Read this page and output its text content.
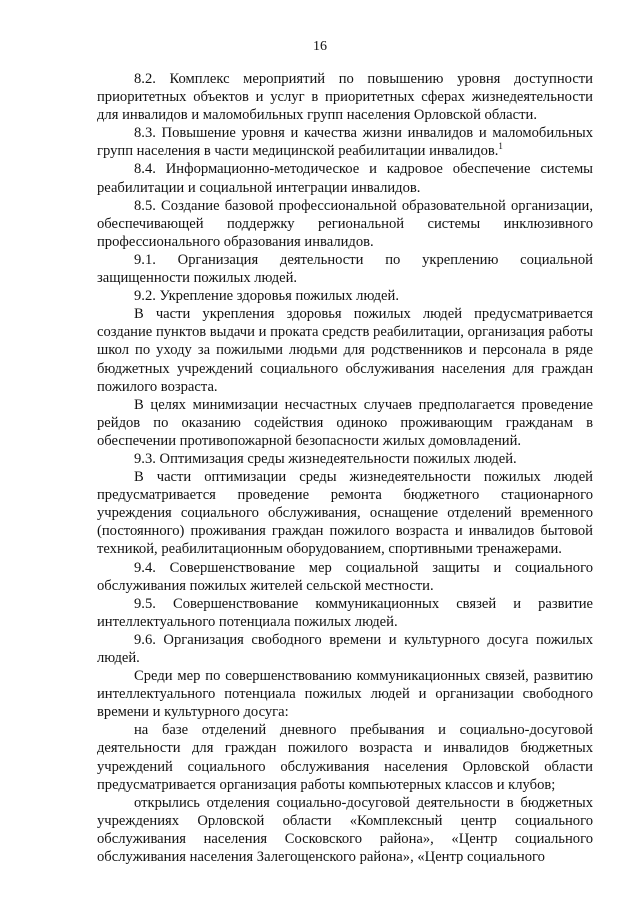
16

8.2. Комплекс мероприятий по повышению уровня доступности приоритетных объектов и услуг в приоритетных сферах жизнедеятельности для инвалидов и маломобильных групп населения Орловской области.

8.3. Повышение уровня и качества жизни инвалидов и маломобильных групп населения в части медицинской реабилитации инвалидов.$^1$

8.4. Информационно-методическое и кадровое обеспечение системы реабилитации и социальной интеграции инвалидов.

8.5. Создание базовой профессиональной образовательной организации, обеспечивающей поддержку региональной системы инклюзивного профессионального образования инвалидов.

9.1. Организация деятельности по укреплению социальной защищенности пожилых людей.

9.2. Укрепление здоровья пожилых людей.

В части укрепления здоровья пожилых людей предусматривается создание пунктов выдачи и проката средств реабилитации, организация работы школ по уходу за пожилыми людьми для родственников и персонала в ряде бюджетных учреждений социального обслуживания населения для граждан пожилого возраста.

В целях минимизации несчастных случаев предполагается проведение рейдов по оказанию содействия одиноко проживающим гражданам в обеспечении противопожарной безопасности жилых домовладений.

9.3. Оптимизация среды жизнедеятельности пожилых людей.

В части оптимизации среды жизнедеятельности пожилых людей предусматривается проведение ремонта бюджетного стационарного учреждения социального обслуживания, оснащение отделений временного (постоянного) проживания граждан пожилого возраста и инвалидов бытовой техникой, реабилитационным оборудованием, спортивными тренажерами.

9.4. Совершенствование мер социальной защиты и социального обслуживания пожилых жителей сельской местности.

9.5. Совершенствование коммуникационных связей и развитие интеллектуального потенциала пожилых людей.

9.6. Организация свободного времени и культурного досуга пожилых людей.

Среди мер по совершенствованию коммуникационных связей, развитию интеллектуального потенциала пожилых людей и организации свободного времени и культурного досуга:

на базе отделений дневного пребывания и социально-досуговой деятельности для граждан пожилого возраста и инвалидов бюджетных учреждений социального обслуживания населения Орловской области предусматривается организация работы компьютерных классов и клубов;

открылись отделения социально-досуговой деятельности в бюджетных учреждениях Орловской области «Комплексный центр социального обслуживания населения Сосковского района», «Центр социального обслуживания населения Залегощенского района», «Центр социального
